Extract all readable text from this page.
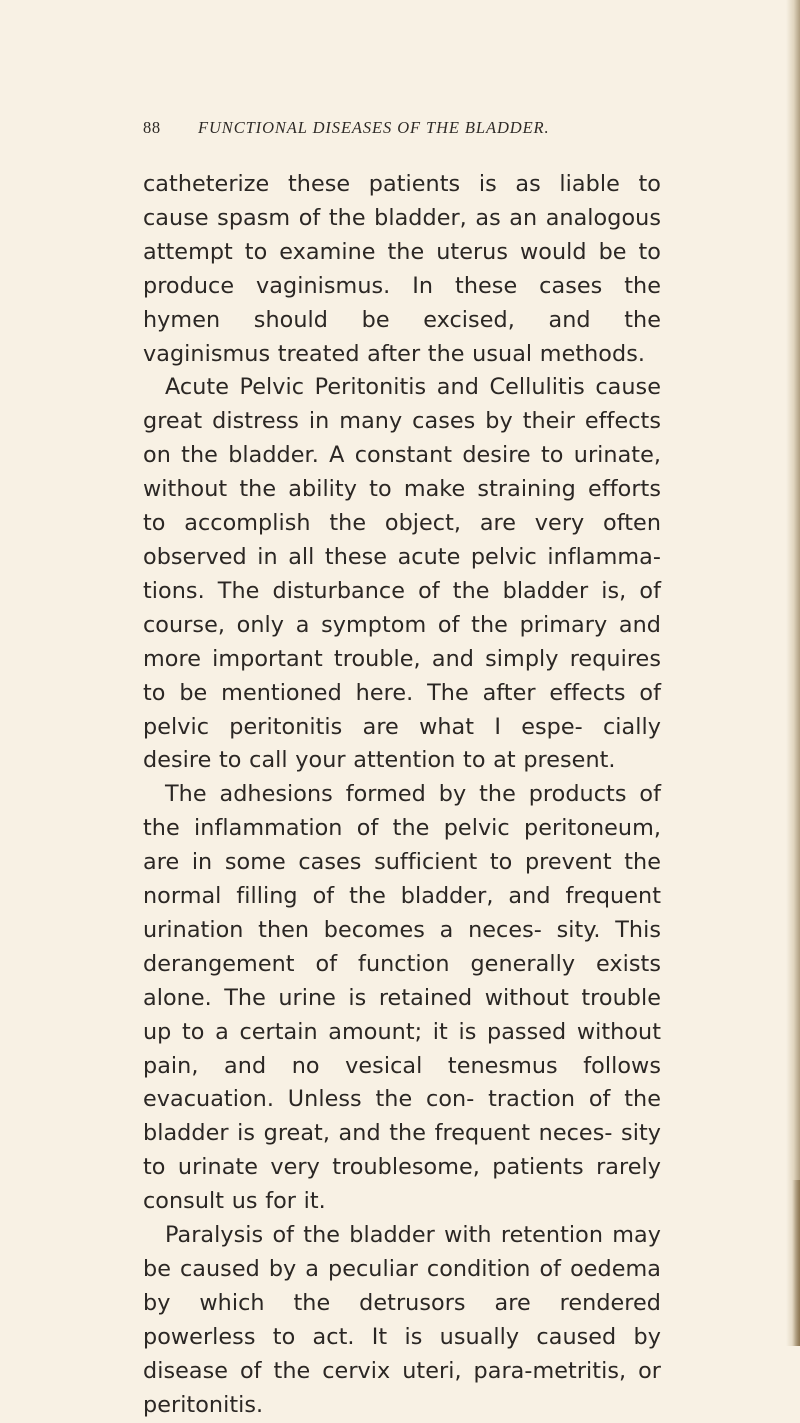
88 FUNCTIONAL DISEASES OF THE BLADDER.

catheterize these patients is as liable to cause spasm of the bladder, as an analogous attempt to examine the uterus would be to produce vaginismus. In these cases the hymen should be excised, and the vaginismus treated after the usual methods.

Acute Pelvic Peritonitis and Cellulitis cause great distress in many cases by their effects on the bladder. A constant desire to urinate, without the ability to make straining efforts to accomplish the object, are very often observed in all these acute pelvic inflamma- tions. The disturbance of the bladder is, of course, only a symptom of the primary and more important trouble, and simply requires to be mentioned here. The after effects of pelvic peritonitis are what I espe- cially desire to call your attention to at present.

The adhesions formed by the products of the inflammation of the pelvic peritoneum, are in some cases sufficient to prevent the normal filling of the bladder, and frequent urination then becomes a neces- sity. This derangement of function generally exists alone. The urine is retained without trouble up to a certain amount; it is passed without pain, and no vesical tenesmus follows evacuation. Unless the con- traction of the bladder is great, and the frequent neces- sity to urinate very troublesome, patients rarely consult us for it.

Paralysis of the bladder with retention may be caused by a peculiar condition of oedema by which the detrusors are rendered powerless to act. It is usually caused by disease of the cervix uteri, para-metritis, or peritonitis.
